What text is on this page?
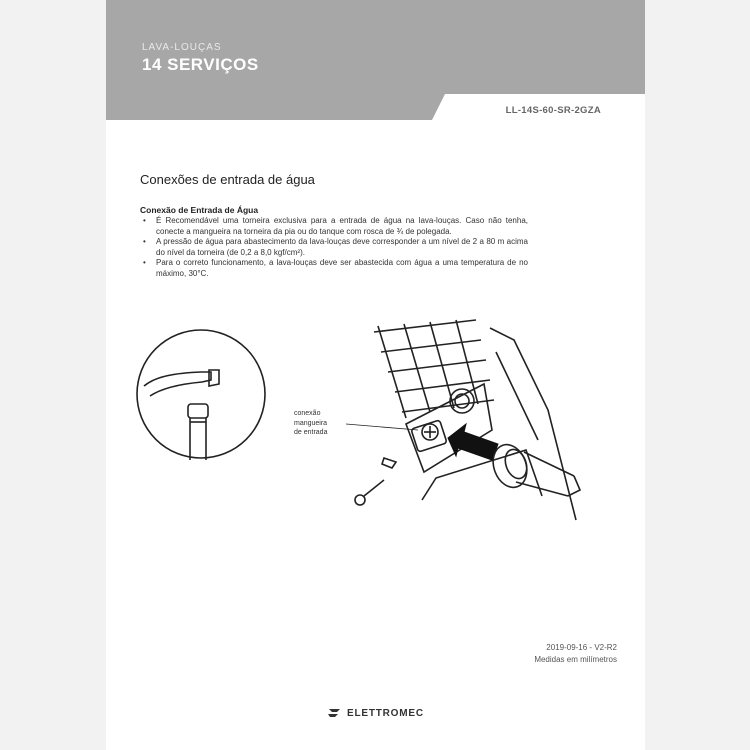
LAVA-LOUÇAS
14 SERVIÇOS
LL-14S-60-SR-2GZA
Conexões de entrada de água
Conexão de Entrada de Água
• É Recomendável uma torneira exclusiva para a entrada de água na lava-louças. Caso não tenha, conecte a mangueira na torneira da pia ou do tanque com rosca de ¾ de polegada.
• A pressão de água para abastecimento da lava-louças deve corresponder a um nível de 2 a 80 m acima do nível da torneira (de 0,2 a 8,0 kgf/cm²).
• Para o correto funcionamento, a lava-louças deve ser abastecida com água a uma temperatura de no máximo, 30°C.
conexão
mangueira
de entrada
2019-09-16 - V2-R2
Medidas em milímetros
ELETTROMEC
